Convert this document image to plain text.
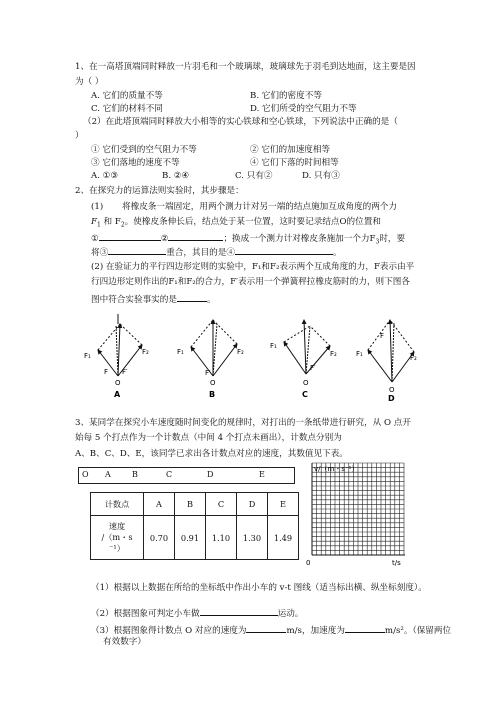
1、在一高塔顶端同时释放一片羽毛和一个玻璃球，玻璃球先于羽毛到达地面，这主要是因
为（ ）
A. 它们的质量不等	B. 它们的密度不等
C. 它们的材料不同	D. 它们所受的空气阻力不等
（2）在此塔顶端同时释放大小相等的实心铁球和空心铁球，下列说法中正确的是（
）
① 它们受到的空气阻力不等	② 它们的加速度相等
③ 它们落地的速度不等	④ 它们下落的时间相等
A. ①③	B. ②④	C. 只有②	D. 只有③
2、在探究力的运算法则实验时，其步骤是：
(1) 将橡皮条一端固定，用两个测力计对另一端的结点施加互成角度的两个力
$F_1$ 和 $F_2$。使橡皮条伸长后，结点处于某一位置，这时要记录结点O的位置和
①	②	；换成一个测力计对橡皮条施加一个力$F_3$时，要
将③	重合，其目的是④	。
(2) 在验证力的平行四边形定则的实验中，F₁和F₂表示两个互成角度的力，F表示由平
行四边形定则作出的F₁和F₂的合力，F′表示用一个弹簧秤拉橡皮筋时的力，则下图各
图中符合实验事实的是	。
F₁	F₂
F F′
O
A
F₁	F₂
F′
O
B
F₁
F₂
F′
O
C
F₁	F₂
F
O
D
3、某同学在探究小车速度随时间变化的规律时，对打出的一条纸带进行研究，从 O 点开
始每 5 个打点作为一个计数点（中间 4 个打点未画出），计数点分别为
A、B、C、D、E，该同学已求出各计数点对应的速度，其数值见下表。
O A	B	C	D	E
计数点	A	B	C	D	E

速度
/（m・s
⁻¹）	0.70	0.91	1.10	1.30	1.49
v/（m・s⁻¹）
t/s
0
（1）根据以上数据在所给的坐标纸中作出小车的 v-t 图线（适当标出横、纵坐标刻度）。
（2）根据图象可判定小车做	运动。
（3）根据图象得计数点 O 对应的速度为	m/s，加速度为	m/s²。（保留两位
有效数字）
